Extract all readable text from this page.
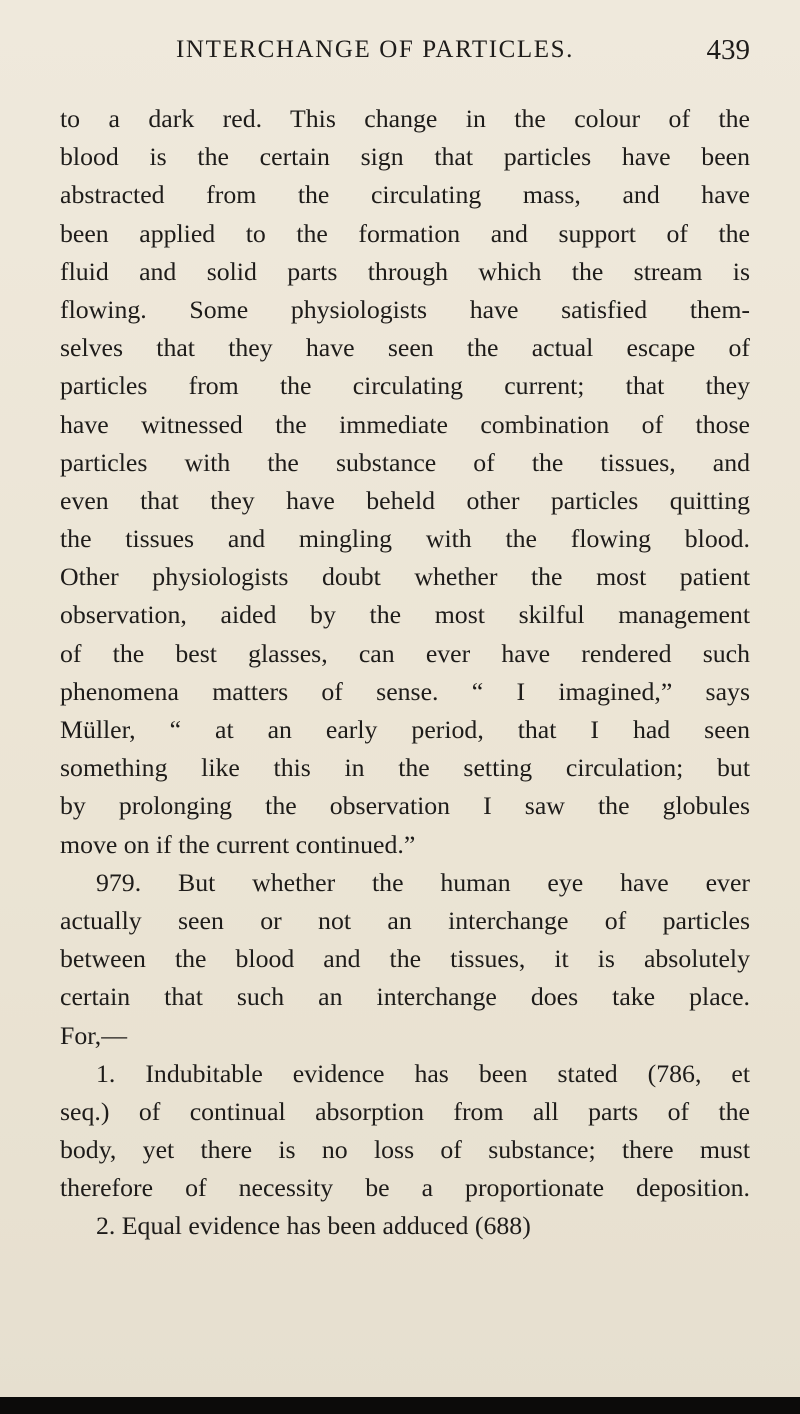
INTERCHANGE OF PARTICLES.	439
to a dark red. This change in the colour of the
blood is the certain sign that particles have been
abstracted from the circulating mass, and have
been applied to the formation and support of the
fluid and solid parts through which the stream is
flowing. Some physiologists have satisfied them-
selves that they have seen the actual escape of
particles from the circulating current; that they
have witnessed the immediate combination of those
particles with the substance of the tissues, and
even that they have beheld other particles quitting
the tissues and mingling with the flowing blood.
Other physiologists doubt whether the most patient
observation, aided by the most skilful management
of the best glasses, can ever have rendered such
phenomena matters of sense. “ I imagined,” says
Müller, “ at an early period, that I had seen
something like this in the setting circulation; but
by prolonging the observation I saw the globules
move on if the current continued.”
979. But whether the human eye have ever
actually seen or not an interchange of particles
between the blood and the tissues, it is absolutely
certain that such an interchange does take place.
For,—
1. Indubitable evidence has been stated (786, et
seq.) of continual absorption from all parts of the
body, yet there is no loss of substance; there must
therefore of necessity be a proportionate deposition.
2. Equal evidence has been adduced (688)
